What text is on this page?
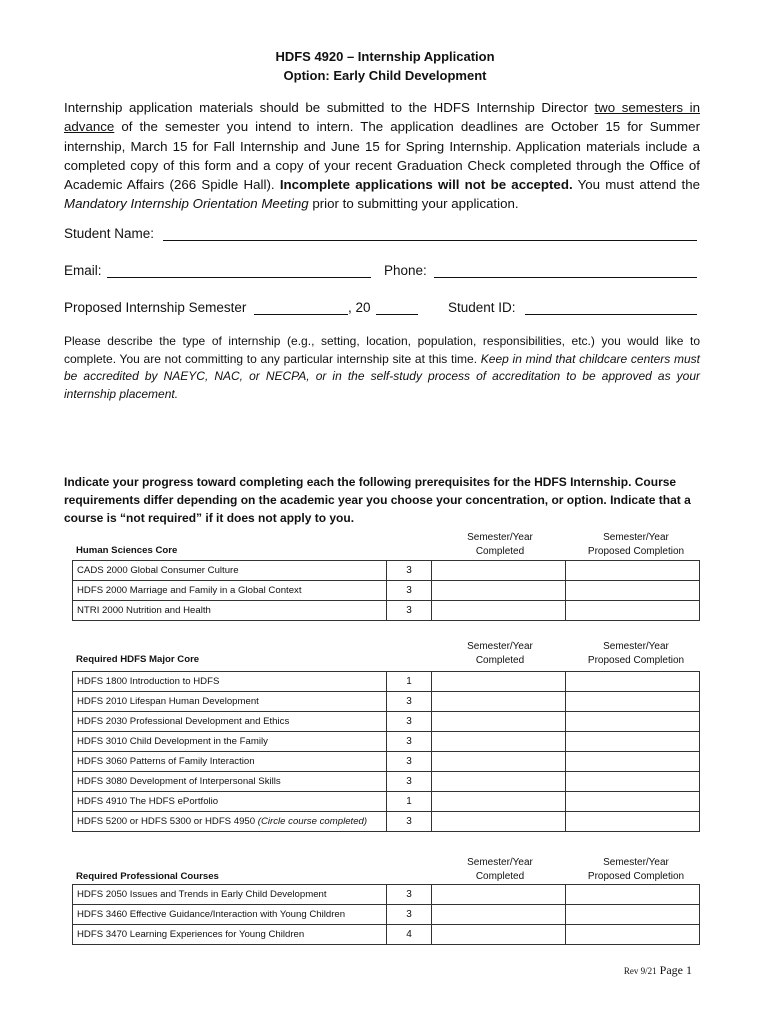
HDFS 4920 – Internship Application
Option: Early Child Development
Internship application materials should be submitted to the HDFS Internship Director two semesters in advance of the semester you intend to intern. The application deadlines are October 15 for Summer internship, March 15 for Fall Internship and June 15 for Spring Internship. Application materials include a completed copy of this form and a copy of your recent Graduation Check completed through the Office of Academic Affairs (266 Spidle Hall). Incomplete applications will not be accepted. You must attend the Mandatory Internship Orientation Meeting prior to submitting your application.
Student Name:
Email:	Phone:
Proposed Internship Semester	, 20	Student ID:
Please describe the type of internship (e.g., setting, location, population, responsibilities, etc.) you would like to complete. You are not committing to any particular internship site at this time. Keep in mind that childcare centers must be accredited by NAEYC, NAC, or NECPA, or in the self-study process of accreditation to be approved as your internship placement.
Indicate your progress toward completing each the following prerequisites for the HDFS Internship. Course requirements differ depending on the academic year you choose your concentration, or option. Indicate that a course is “not required” if it does not apply to you.
Semester/Year
Completed
Semester/Year
Proposed Completion
Human Sciences Core
CADS 2000 Global Consumer Culture	3		
HDFS 2000 Marriage and Family in a Global Context	3		
NTRI 2000 Nutrition and Health	3		
Semester/Year
Completed
Semester/Year
Proposed Completion
Required HDFS Major Core
HDFS 1800 Introduction to HDFS	1		
HDFS 2010 Lifespan Human Development	3		
HDFS 2030 Professional Development and Ethics	3		
HDFS 3010 Child Development in the Family	3		
HDFS 3060 Patterns of Family Interaction	3		
HDFS 3080 Development of Interpersonal Skills	3		
HDFS 4910 The HDFS ePortfolio	1		
HDFS 5200 or HDFS 5300 or HDFS 4950 (Circle course completed)	3		
Semester/Year
Completed
Semester/Year
Proposed Completion
Required Professional Courses
HDFS 2050 Issues and Trends in Early Child Development	3		
HDFS 3460 Effective Guidance/Interaction with Young Children	3		
HDFS 3470 Learning Experiences for Young Children	4		
Rev 9/21 Page 1
